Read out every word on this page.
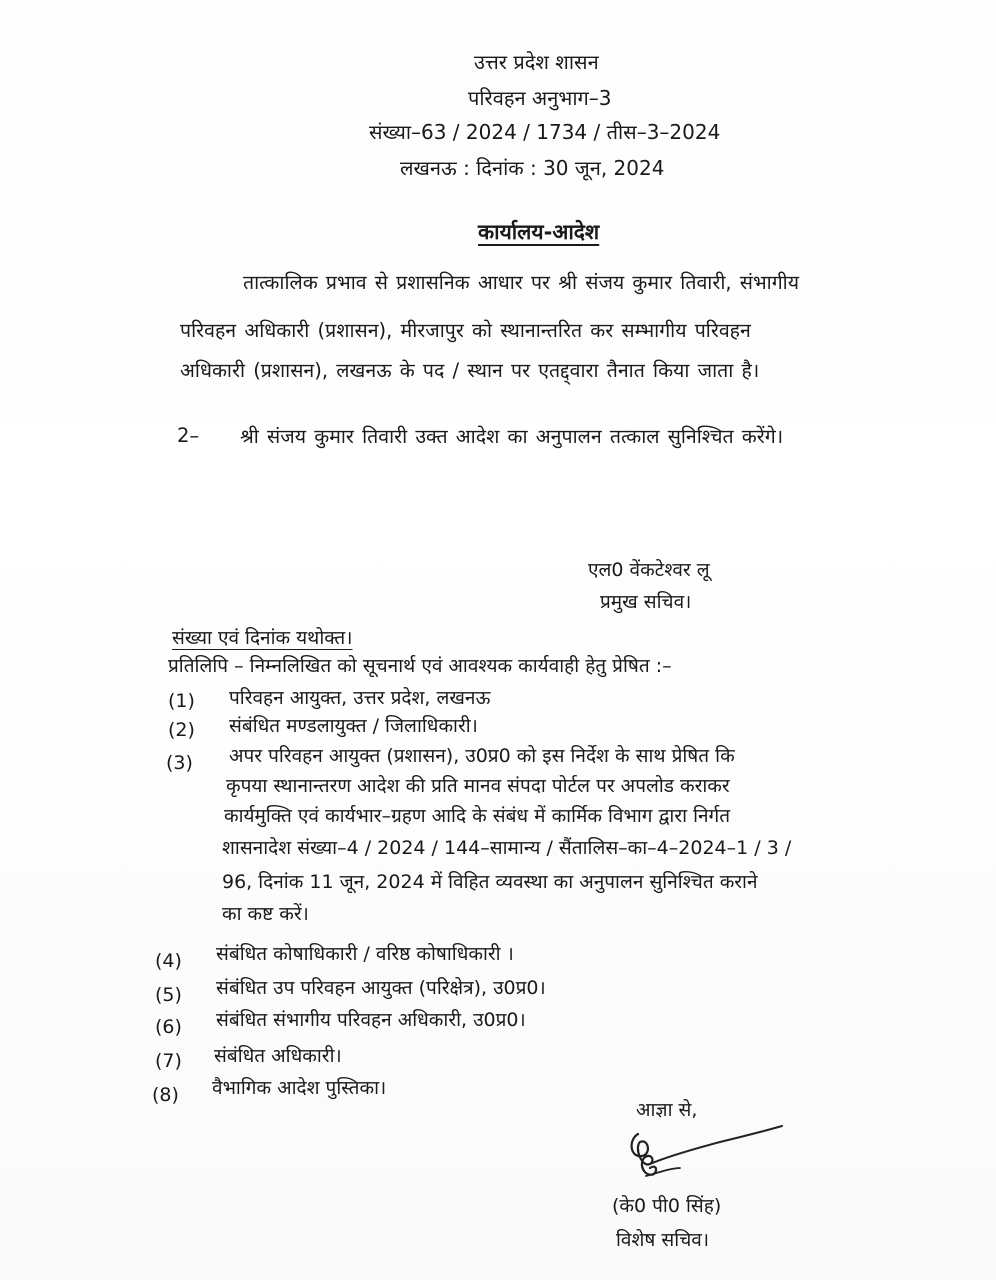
उत्तर प्रदेश शासन
परिवहन अनुभाग–3
संख्या–63 / 2024 / 1734 / तीस–3–2024
लखनऊ : दिनांक : 30 जून, 2024
कार्यालय-आदेश
तात्कालिक प्रभाव से प्रशासनिक आधार पर श्री संजय कुमार तिवारी, संभागीय
परिवहन अधिकारी (प्रशासन), मीरजापुर को स्थानान्तरित कर सम्भागीय परिवहन
अधिकारी (प्रशासन), लखनऊ के पद / स्थान पर एतद्द्वारा तैनात किया जाता है।
2– श्री संजय कुमार तिवारी उक्त आदेश का अनुपालन तत्काल सुनिश्चित करेंगे।
एल0 वेंकटेश्वर लू
प्रमुख सचिव।
संख्या एवं दिनांक यथोक्त।
प्रतिलिपि – निम्नलिखित को सूचनार्थ एवं आवश्यक कार्यवाही हेतु प्रेषित :–
(1) परिवहन आयुक्त, उत्तर प्रदेश, लखनऊ
(2) संबंधित मण्डलायुक्त / जिलाधिकारी।
(3) अपर परिवहन आयुक्त (प्रशासन), उ0प्र0 को इस निर्देश के साथ प्रेषित कि
कृपया स्थानान्तरण आदेश की प्रति मानव संपदा पोर्टल पर अपलोड कराकर
कार्यमुक्ति एवं कार्यभार–ग्रहण आदि के संबंध में कार्मिक विभाग द्वारा निर्गत
शासनादेश संख्या–4 / 2024 / 144–सामान्य / सैंतालिस–का–4–2024–1 / 3 /
96, दिनांक 11 जून, 2024 में विहित व्यवस्था का अनुपालन सुनिश्चित कराने
का कष्ट करें।
(4) संबंधित कोषाधिकारी / वरिष्ठ कोषाधिकारी ।
(5) संबंधित उप परिवहन आयुक्त (परिक्षेत्र), उ0प्र0।
(6) संबंधित संभागीय परिवहन अधिकारी, उ0प्र0।
(7) संबंधित अधिकारी।
(8) वैभागिक आदेश पुस्तिका।
आज्ञा से,
(के0 पी0 सिंह)
विशेष सचिव।
